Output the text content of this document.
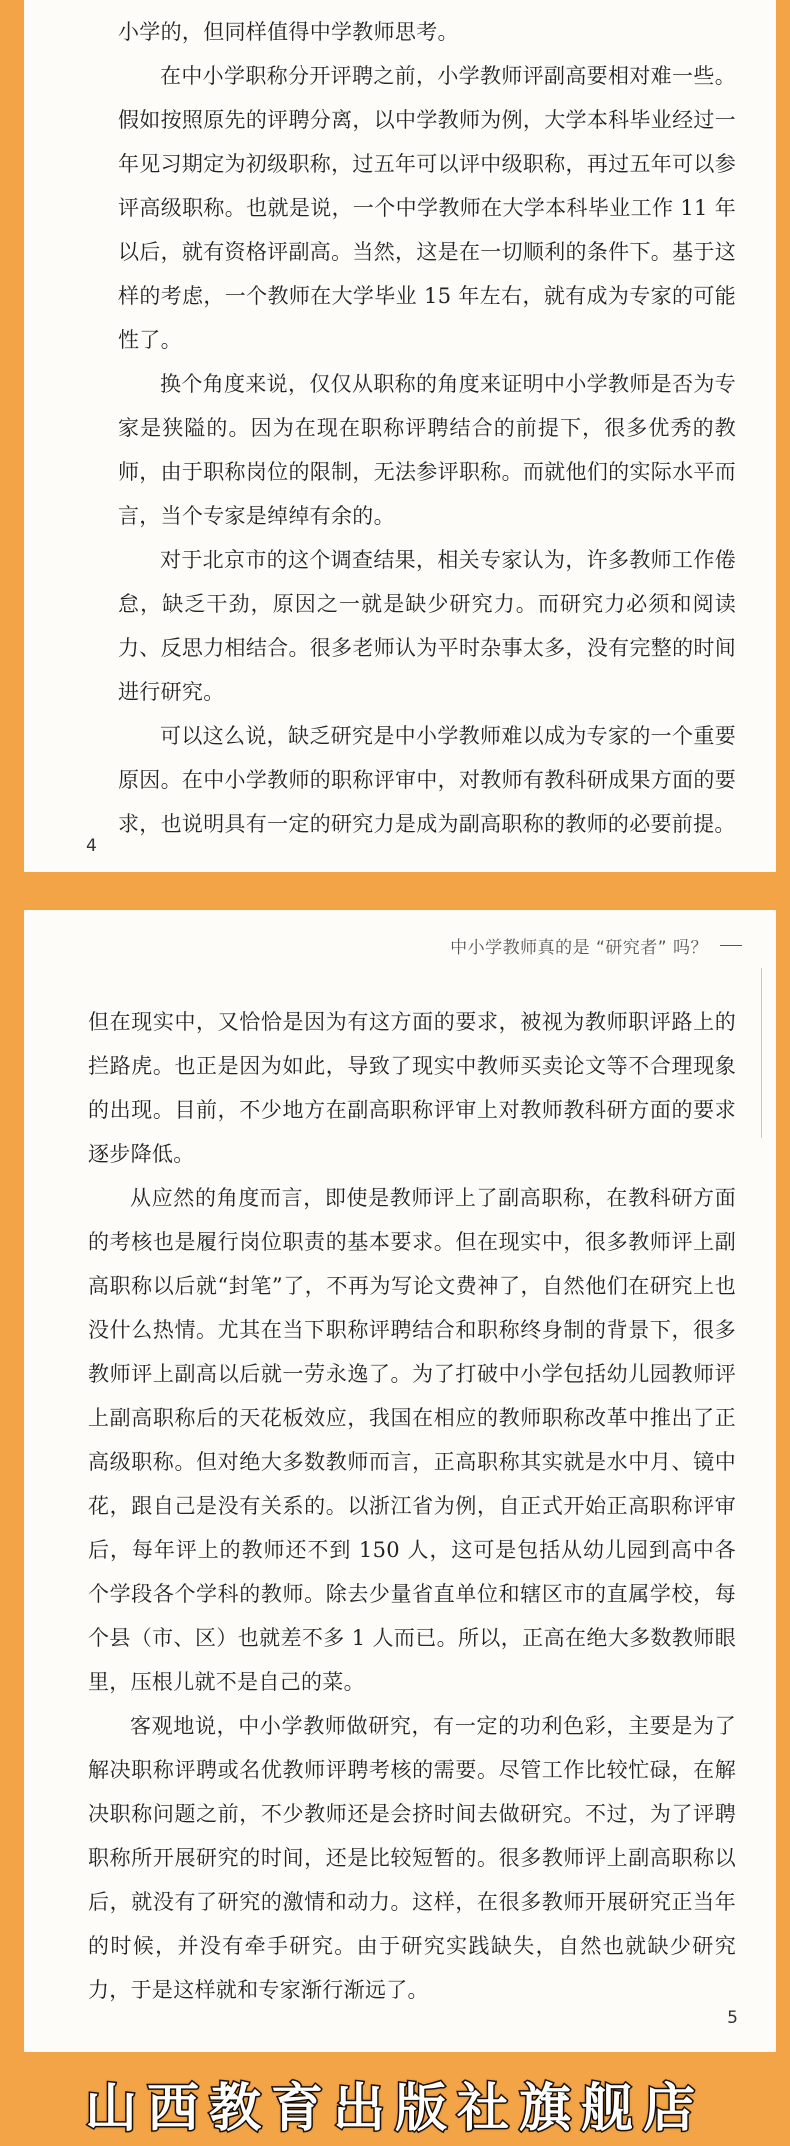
小学的，但同样值得中学教师思考。

在中小学职称分开评聘之前，小学教师评副高要相对难一些。假如按照原先的评聘分离，以中学教师为例，大学本科毕业经过一年见习期定为初级职称，过五年可以评中级职称，再过五年可以参评高级职称。也就是说，一个中学教师在大学本科毕业工作 11 年以后，就有资格评副高。当然，这是在一切顺利的条件下。基于这样的考虑，一个教师在大学毕业 15 年左右，就有成为专家的可能性了。

换个角度来说，仅仅从职称的角度来证明中小学教师是否为专家是狭隘的。因为在现在职称评聘结合的前提下，很多优秀的教师，由于职称岗位的限制，无法参评职称。而就他们的实际水平而言，当个专家是绰绰有余的。

对于北京市的这个调查结果，相关专家认为，许多教师工作倦怠，缺乏干劲，原因之一就是缺少研究力。而研究力必须和阅读力、反思力相结合。很多老师认为平时杂事太多，没有完整的时间进行研究。

可以这么说，缺乏研究是中小学教师难以成为专家的一个重要原因。在中小学教师的职称评审中，对教师有教科研成果方面的要求，也说明具有一定的研究力是成为副高职称的教师的必要前提。

4
中小学教师真的是 “研究者” 吗？

但在现实中，又恰恰是因为有这方面的要求，被视为教师职评路上的拦路虎。也正是因为如此，导致了现实中教师买卖论文等不合理现象的出现。目前，不少地方在副高职称评审上对教师教科研方面的要求逐步降低。

从应然的角度而言，即使是教师评上了副高职称，在教科研方面的考核也是履行岗位职责的基本要求。但在现实中，很多教师评上副高职称以后就“封笔”了，不再为写论文费神了，自然他们在研究上也没什么热情。尤其在当下职称评聘结合和职称终身制的背景下，很多教师评上副高以后就一劳永逸了。为了打破中小学包括幼儿园教师评上副高职称后的天花板效应，我国在相应的教师职称改革中推出了正高级职称。但对绝大多数教师而言，正高职称其实就是水中月、镜中花，跟自己是没有关系的。以浙江省为例，自正式开始正高职称评审后，每年评上的教师还不到 150 人，这可是包括从幼儿园到高中各个学段各个学科的教师。除去少量省直单位和辖区市的直属学校，每个县（市、区）也就差不多 1 人而已。所以，正高在绝大多数教师眼里，压根儿就不是自己的菜。

客观地说，中小学教师做研究，有一定的功利色彩，主要是为了解决职称评聘或名优教师评聘考核的需要。尽管工作比较忙碌，在解决职称问题之前，不少教师还是会挤时间去做研究。不过，为了评聘职称所开展研究的时间，还是比较短暂的。很多教师评上副高职称以后，就没有了研究的激情和动力。这样，在很多教师开展研究正当年的时候，并没有牵手研究。由于研究实践缺失，自然也就缺少研究力，于是这样就和专家渐行渐远了。

5
山西教育出版社旗舰店
